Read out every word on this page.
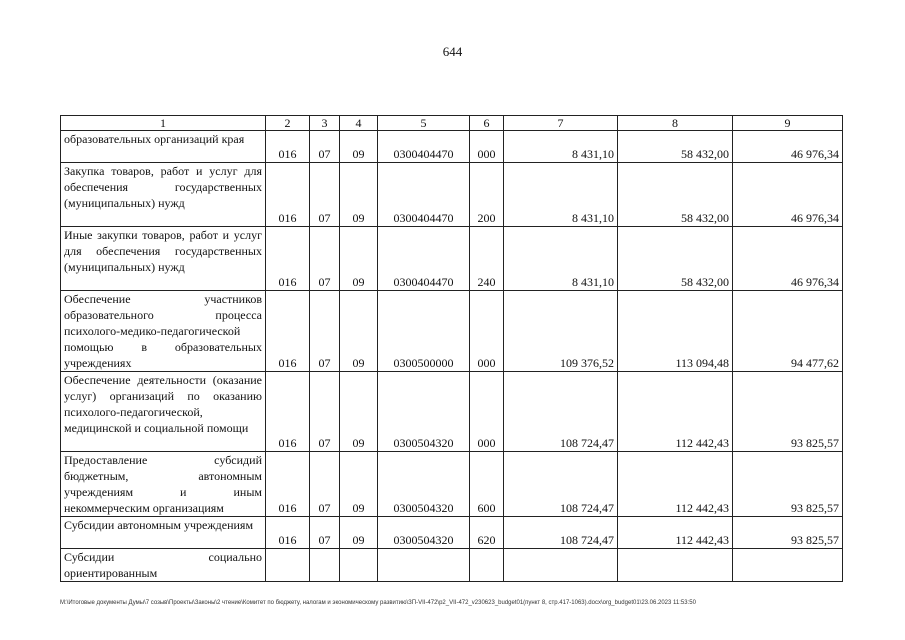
644
1	2	3	4	5	6	7	8	9
образовательных организаций края	016	07	09	0300404470	000	8 431,10	58 432,00	46 976,34
Закупка товаров, работ и услуг для обеспечения государственных (муниципальных) нужд	016	07	09	0300404470	200	8 431,10	58 432,00	46 976,34
Иные закупки товаров, работ и услуг для обеспечения государственных (муниципальных) нужд	016	07	09	0300404470	240	8 431,10	58 432,00	46 976,34
Обеспечение участников образовательного процесса психолого-медико-педагогической помощью в образовательных учреждениях	016	07	09	0300500000	000	109 376,52	113 094,48	94 477,62
Обеспечение деятельности (оказание услуг) организаций по оказанию психолого-педагогической, медицинской и социальной помощи	016	07	09	0300504320	000	108 724,47	112 442,43	93 825,57
Предоставление субсидий бюджетным, автономным учреждениям и иным некоммерческим организациям	016	07	09	0300504320	600	108 724,47	112 442,43	93 825,57
Субсидии автономным учреждениям	016	07	09	0300504320	620	108 724,47	112 442,43	93 825,57
Субсидии социально ориентированным								
M:\Итоговые документы Думы\7 созыв\Проекты\Законы\2 чтение\Комитет по бюджету, налогам и экономическому развитию\ЗП-VII-472\р2_VII-472_v230623_budget01(пункт 8, стр.417-1063).docx\org_budget01\23.06.2023 11:53:50
